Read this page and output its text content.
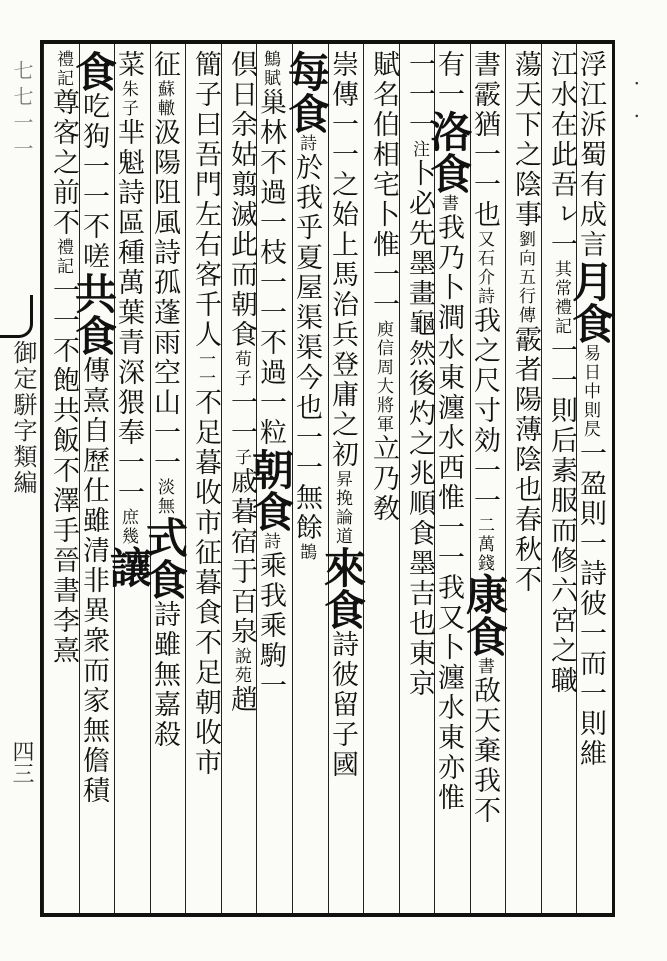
七七一一
御定駢字類編
四三
浮江泝蜀有成言月食易日中則昃一盈則一詩彼一而一則維
江水在此吾ㇾ一其常禮記一一則后素服而修六宮之職
蕩天下之陰事劉向五行傳霰者陽薄陰也春秋不
書霰猶一一也又石介詩我之尺寸効一一二萬錢康食書敌天棄我不
有一洛食書我乃卜澗水東瀍水西惟一一我又卜瀍水東亦惟
一一一注卜必先墨畫龜然後灼之兆順食墨吉也東京
賦名伯相宅卜惟一一庾信周大將軍立乃敎
崇傳一一之始上馬治兵登庸之初昇挽論道來食詩彼留子國
每食詩於我乎夏屋渠渠今也一一無餘鵲
鷦賦巢林不過一枝一一不過一粒朝食詩乘我乘駒一
倶日余姑翦滅此而朝食荀子一一子戚暮宿于百泉說苑趙
簡子曰吾門左右客千人一一不足暮收市征暮食不足朝收市
征蘇轍汲陽阻風詩孤蓬雨空山一一淡無式食詩雖無嘉殺
菜朱子芈魁詩區種萬葉青深猥奉一一庶幾讓
食吃狗一一不嗟共食傳熹自歷仕雖清非異衆而家無儋積
禮記尊客之前不禮記一一不飽共飯不澤手晉書李熹
· ·
